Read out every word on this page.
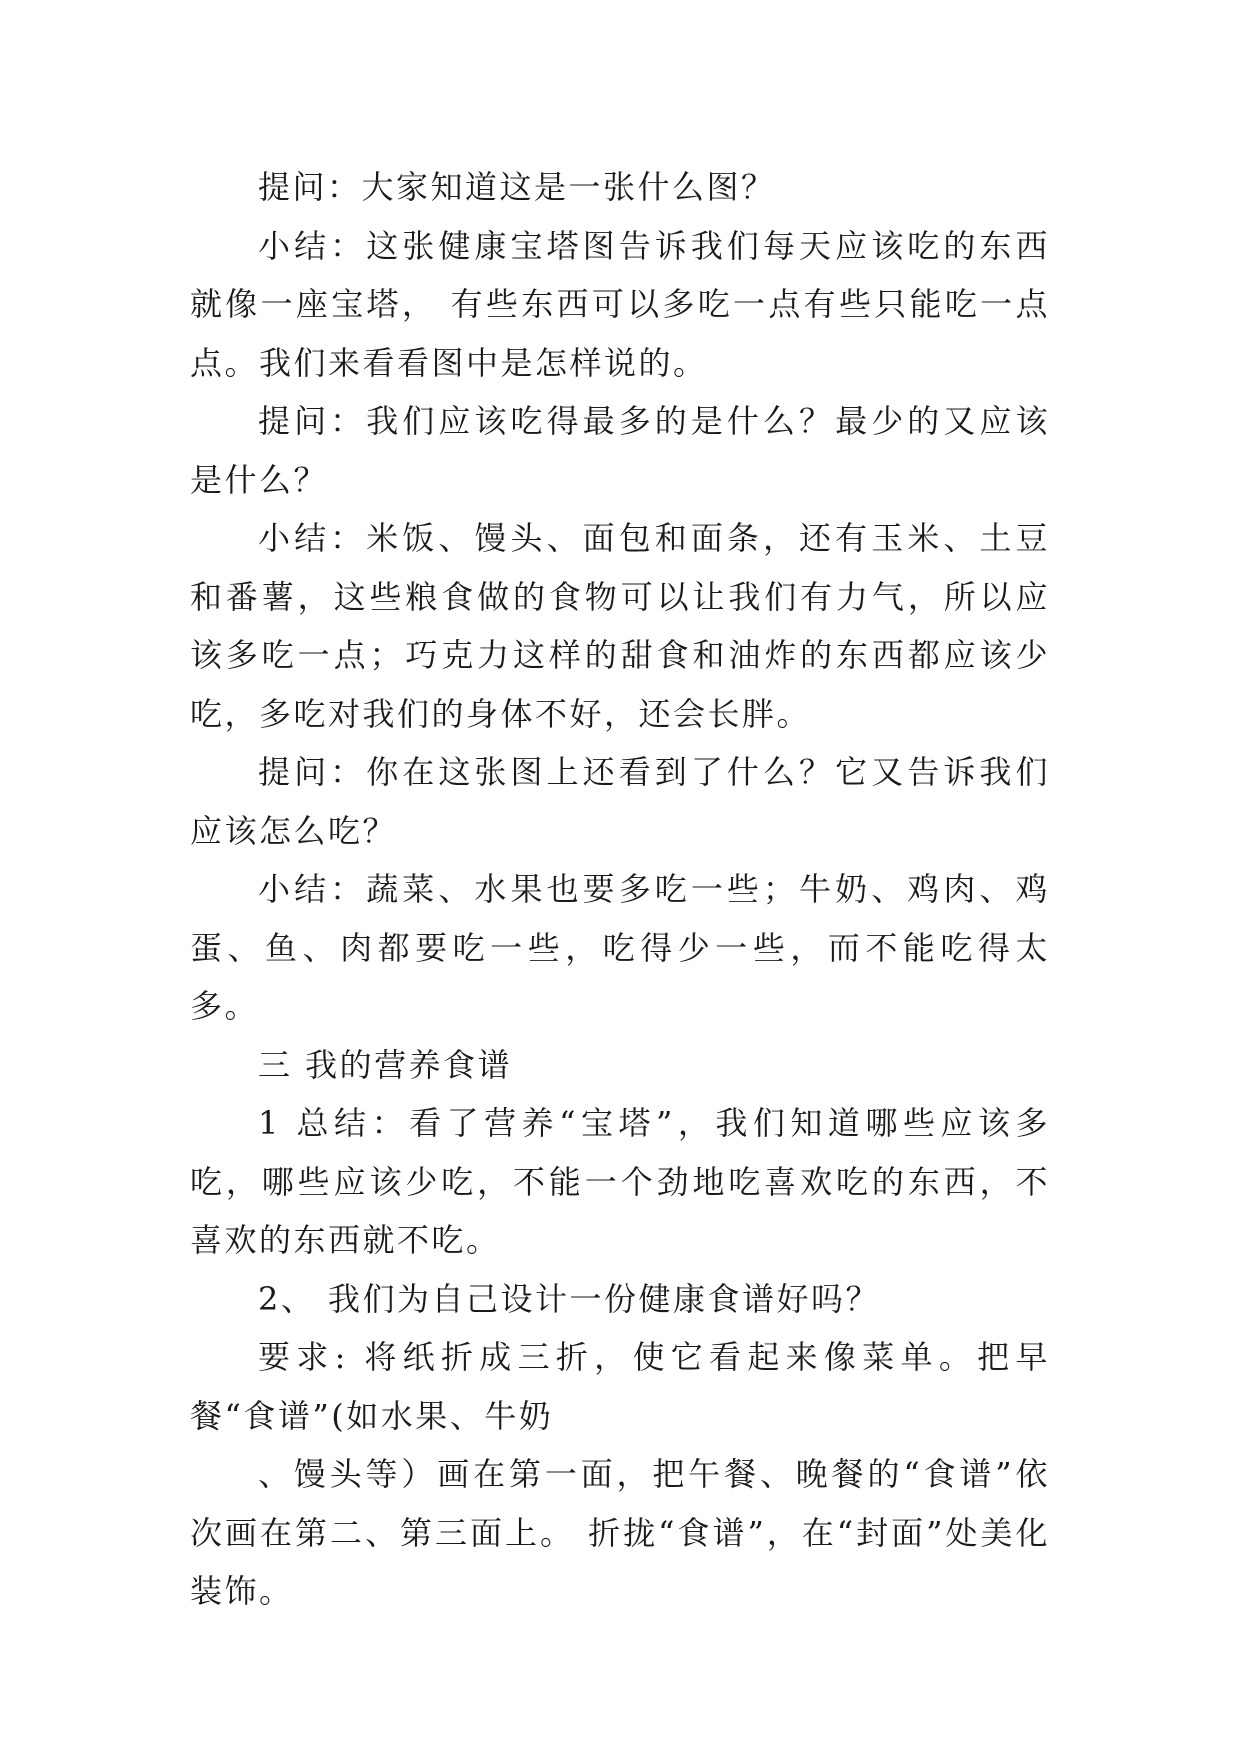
提问：大家知道这是一张什么图？

小结：这张健康宝塔图告诉我们每天应该吃的东西就像一座宝塔， 有些东西可以多吃一点有些只能吃一点点。我们来看看图中是怎样说的。

提问：我们应该吃得最多的是什么？最少的又应该是什么？

小结：米饭、馒头、面包和面条，还有玉米、土豆和番薯，这些粮食做的食物可以让我们有力气，所以应该多吃一点；巧克力这样的甜食和油炸的东西都应该少吃，多吃对我们的身体不好，还会长胖。

提问：你在这张图上还看到了什么？它又告诉我们应该怎么吃？

小结：蔬菜、水果也要多吃一些；牛奶、鸡肉、鸡蛋、鱼、肉都要吃一些，吃得少一些，而不能吃得太多。

三 我的营养食谱

1 总结：看了营养“宝塔”，我们知道哪些应该多吃，哪些应该少吃，不能一个劲地吃喜欢吃的东西，不喜欢的东西就不吃。

2、 我们为自己设计一份健康食谱好吗？

要求: 将纸折成三折，使它看起来像菜单。把早餐“食谱”(如水果、牛奶

、馒头等）画在第一面，把午餐、晚餐的“食谱”依次画在第二、第三面上。 折拢“食谱”，在“封面”处美化装饰。
